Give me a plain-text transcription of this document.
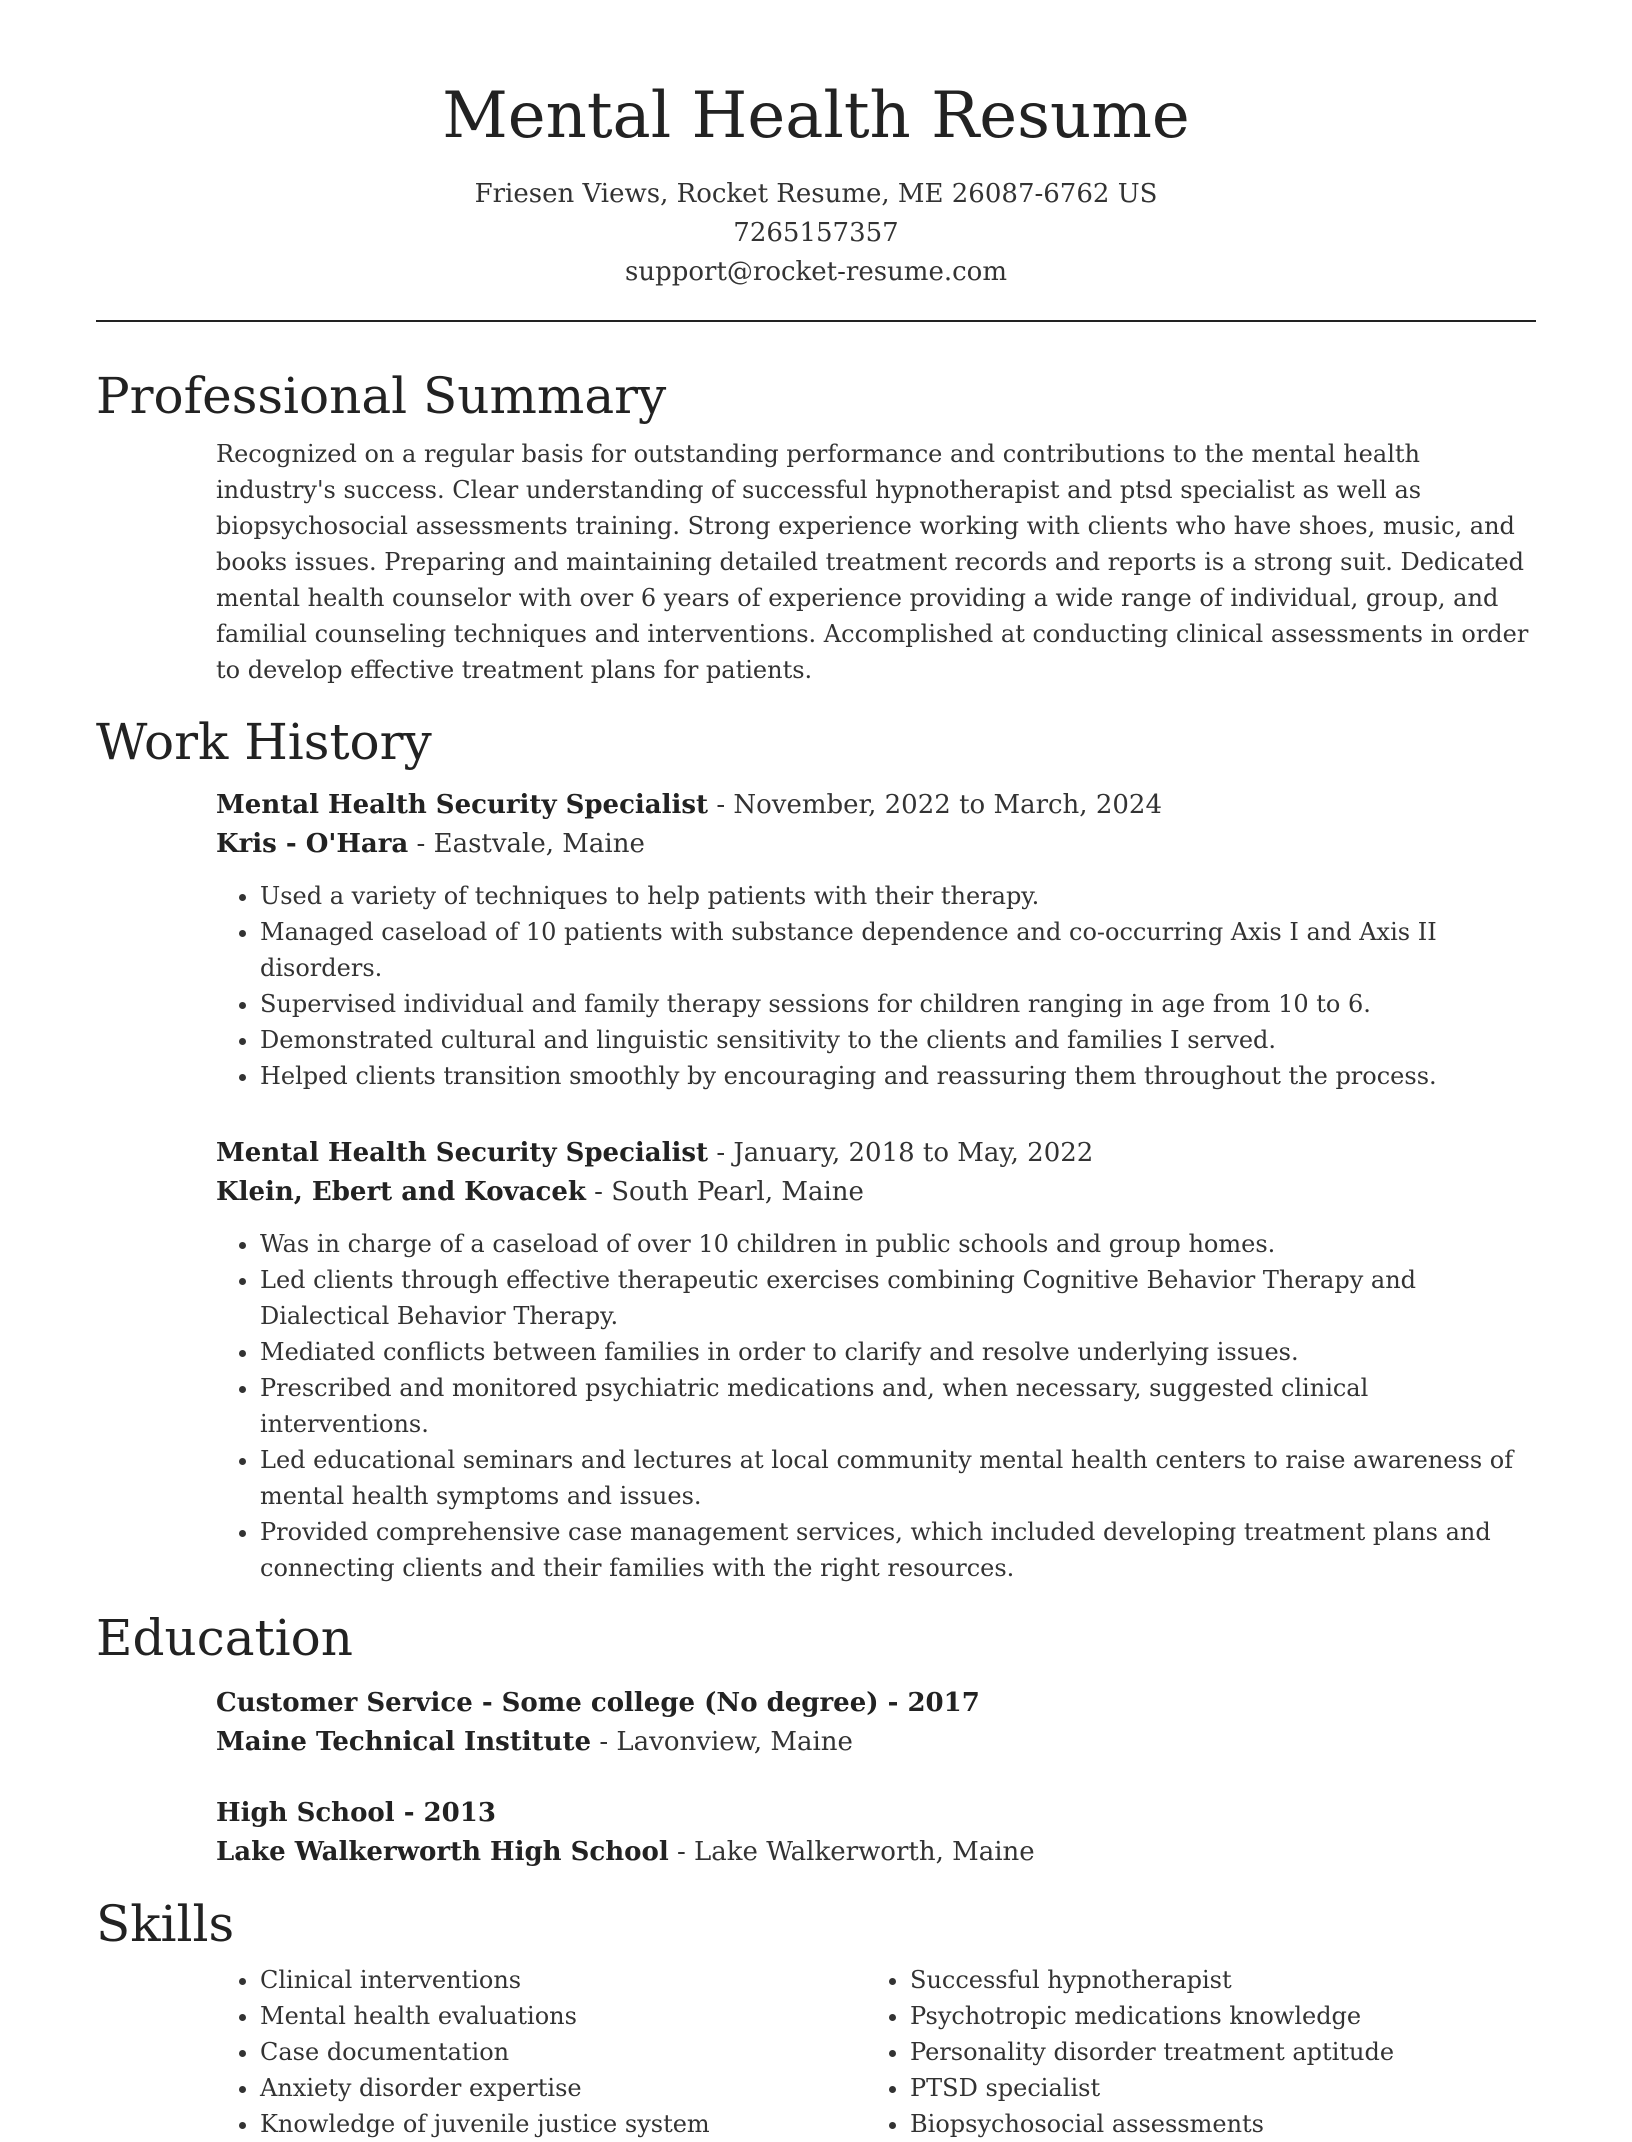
Mental Health Resume
Friesen Views, Rocket Resume, ME 26087-6762 US
7265157357
support@rocket-resume.com
Professional Summary
Recognized on a regular basis for outstanding performance and contributions to the mental health industry's success. Clear understanding of successful hypnotherapist and ptsd specialist as well as biopsychosocial assessments training. Strong experience working with clients who have shoes, music, and books issues. Preparing and maintaining detailed treatment records and reports is a strong suit. Dedicated mental health counselor with over 6 years of experience providing a wide range of individual, group, and familial counseling techniques and interventions. Accomplished at conducting clinical assessments in order to develop effective treatment plans for patients.
Work History
Mental Health Security Specialist - November, 2022 to March, 2024
Kris - O'Hara - Eastvale, Maine
• Used a variety of techniques to help patients with their therapy.
• Managed caseload of 10 patients with substance dependence and co-occurring Axis I and Axis II disorders.
• Supervised individual and family therapy sessions for children ranging in age from 10 to 6.
• Demonstrated cultural and linguistic sensitivity to the clients and families I served.
• Helped clients transition smoothly by encouraging and reassuring them throughout the process.
Mental Health Security Specialist - January, 2018 to May, 2022
Klein, Ebert and Kovacek - South Pearl, Maine
• Was in charge of a caseload of over 10 children in public schools and group homes.
• Led clients through effective therapeutic exercises combining Cognitive Behavior Therapy and Dialectical Behavior Therapy.
• Mediated conflicts between families in order to clarify and resolve underlying issues.
• Prescribed and monitored psychiatric medications and, when necessary, suggested clinical interventions.
• Led educational seminars and lectures at local community mental health centers to raise awareness of mental health symptoms and issues.
• Provided comprehensive case management services, which included developing treatment plans and connecting clients and their families with the right resources.
Education
Customer Service - Some college (No degree) - 2017
Maine Technical Institute - Lavonview, Maine
High School - 2013
Lake Walkerworth High School - Lake Walkerworth, Maine
Skills
• Clinical interventions
• Mental health evaluations
• Case documentation
• Anxiety disorder expertise
• Knowledge of juvenile justice system
• Successful hypnotherapist
• Psychotropic medications knowledge
• Personality disorder treatment aptitude
• PTSD specialist
• Biopsychosocial assessments
